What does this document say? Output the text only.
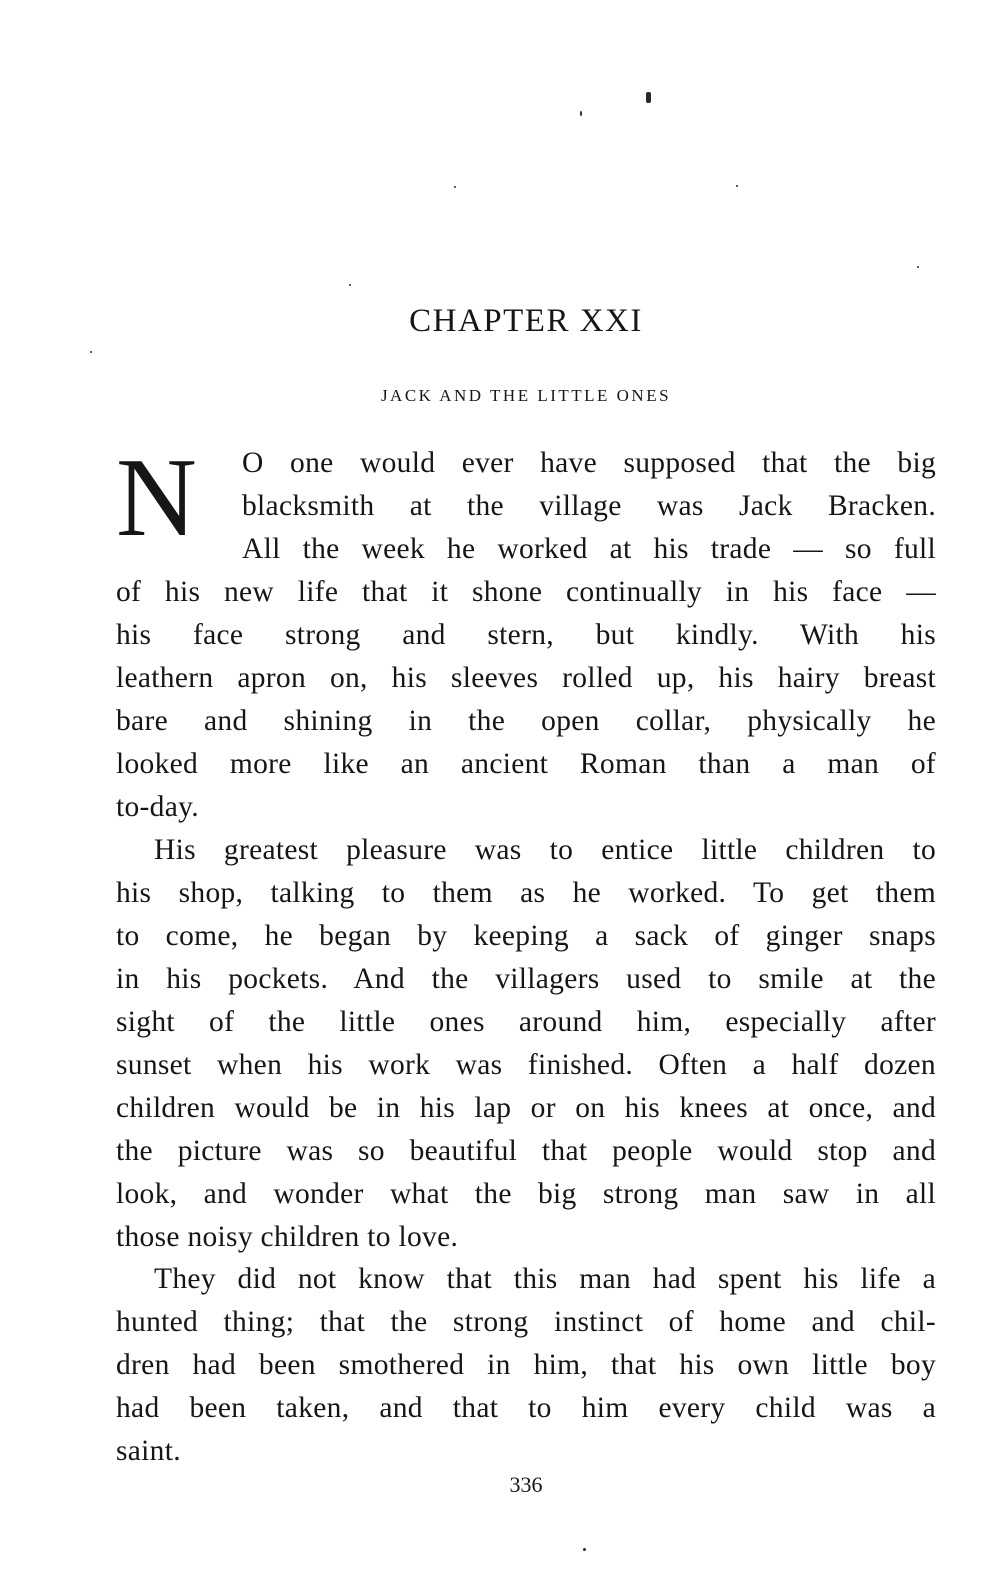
CHAPTER XXI
JACK AND THE LITTLE ONES
N O one would ever have supposed that the big
blacksmith at the village was Jack Bracken.
All the week he worked at his trade — so full
of his new life that it shone continually in his face —
his face strong and stern, but kindly. With his
leathern apron on, his sleeves rolled up, his hairy breast
bare and shining in the open collar, physically he
looked more like an ancient Roman than a man of
to-day.
His greatest pleasure was to entice little children to
his shop, talking to them as he worked. To get them
to come, he began by keeping a sack of ginger snaps
in his pockets. And the villagers used to smile at the
sight of the little ones around him, especially after
sunset when his work was finished. Often a half dozen
children would be in his lap or on his knees at once, and
the picture was so beautiful that people would stop and
look, and wonder what the big strong man saw in all
those noisy children to love.
They did not know that this man had spent his life a
hunted thing; that the strong instinct of home and chil-
dren had been smothered in him, that his own little boy
had been taken, and that to him every child was a
saint.
336
